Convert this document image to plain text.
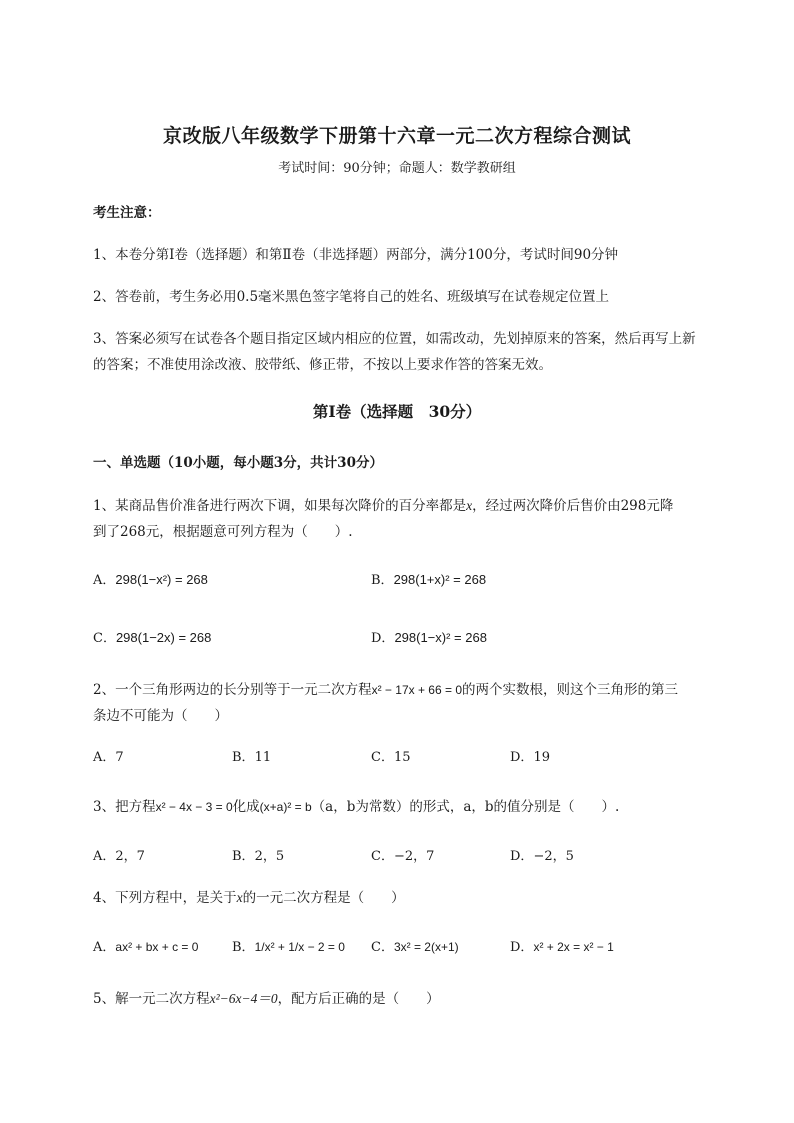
京改版八年级数学下册第十六章一元二次方程综合测试
考试时间：90分钟；命题人：数学教研组
考生注意：
1、本卷分第I卷（选择题）和第Ⅱ卷（非选择题）两部分，满分100分，考试时间90分钟
2、答卷前，考生务必用0.5毫米黑色签字笔将自己的姓名、班级填写在试卷规定位置上
3、答案必须写在试卷各个题目指定区域内相应的位置，如需改动，先划掉原来的答案，然后再写上新
的答案；不准使用涂改液、胶带纸、修正带，不按以上要求作答的答案无效。
第Ⅰ卷（选择题　30分）
一、单选题（10小题，每小题3分，共计30分）
1、某商品售价准备进行两次下调，如果每次降价的百分率都是x，经过两次降价后售价由298元降
到了268元，根据题意可列方程为（　　）.
A．298(1−x²) = 268	B．298(1+x)² = 268
C．298(1−2x) = 268	D．298(1−x)² = 268
2、一个三角形两边的长分别等于一元二次方程x² − 17x + 66 = 0的两个实数根，则这个三角形的第三
条边不可能为（　　）
A．7	B．11	C．15	D．19
3、把方程x² − 4x − 3 = 0化成(x+a)² = b（a，b为常数）的形式，a，b的值分别是（　　）.
A．2，7	B．2，5	C．−2，7	D．−2，5
4、下列方程中，是关于x的一元二次方程是（　　）
A．ax² + bx + c = 0	B．1/x² + 1/x − 2 = 0 C．3x² = 2(x+1)	D．x² + 2x = x² − 1
5、解一元二次方程x²−6x−4＝0，配方后正确的是（　　）
